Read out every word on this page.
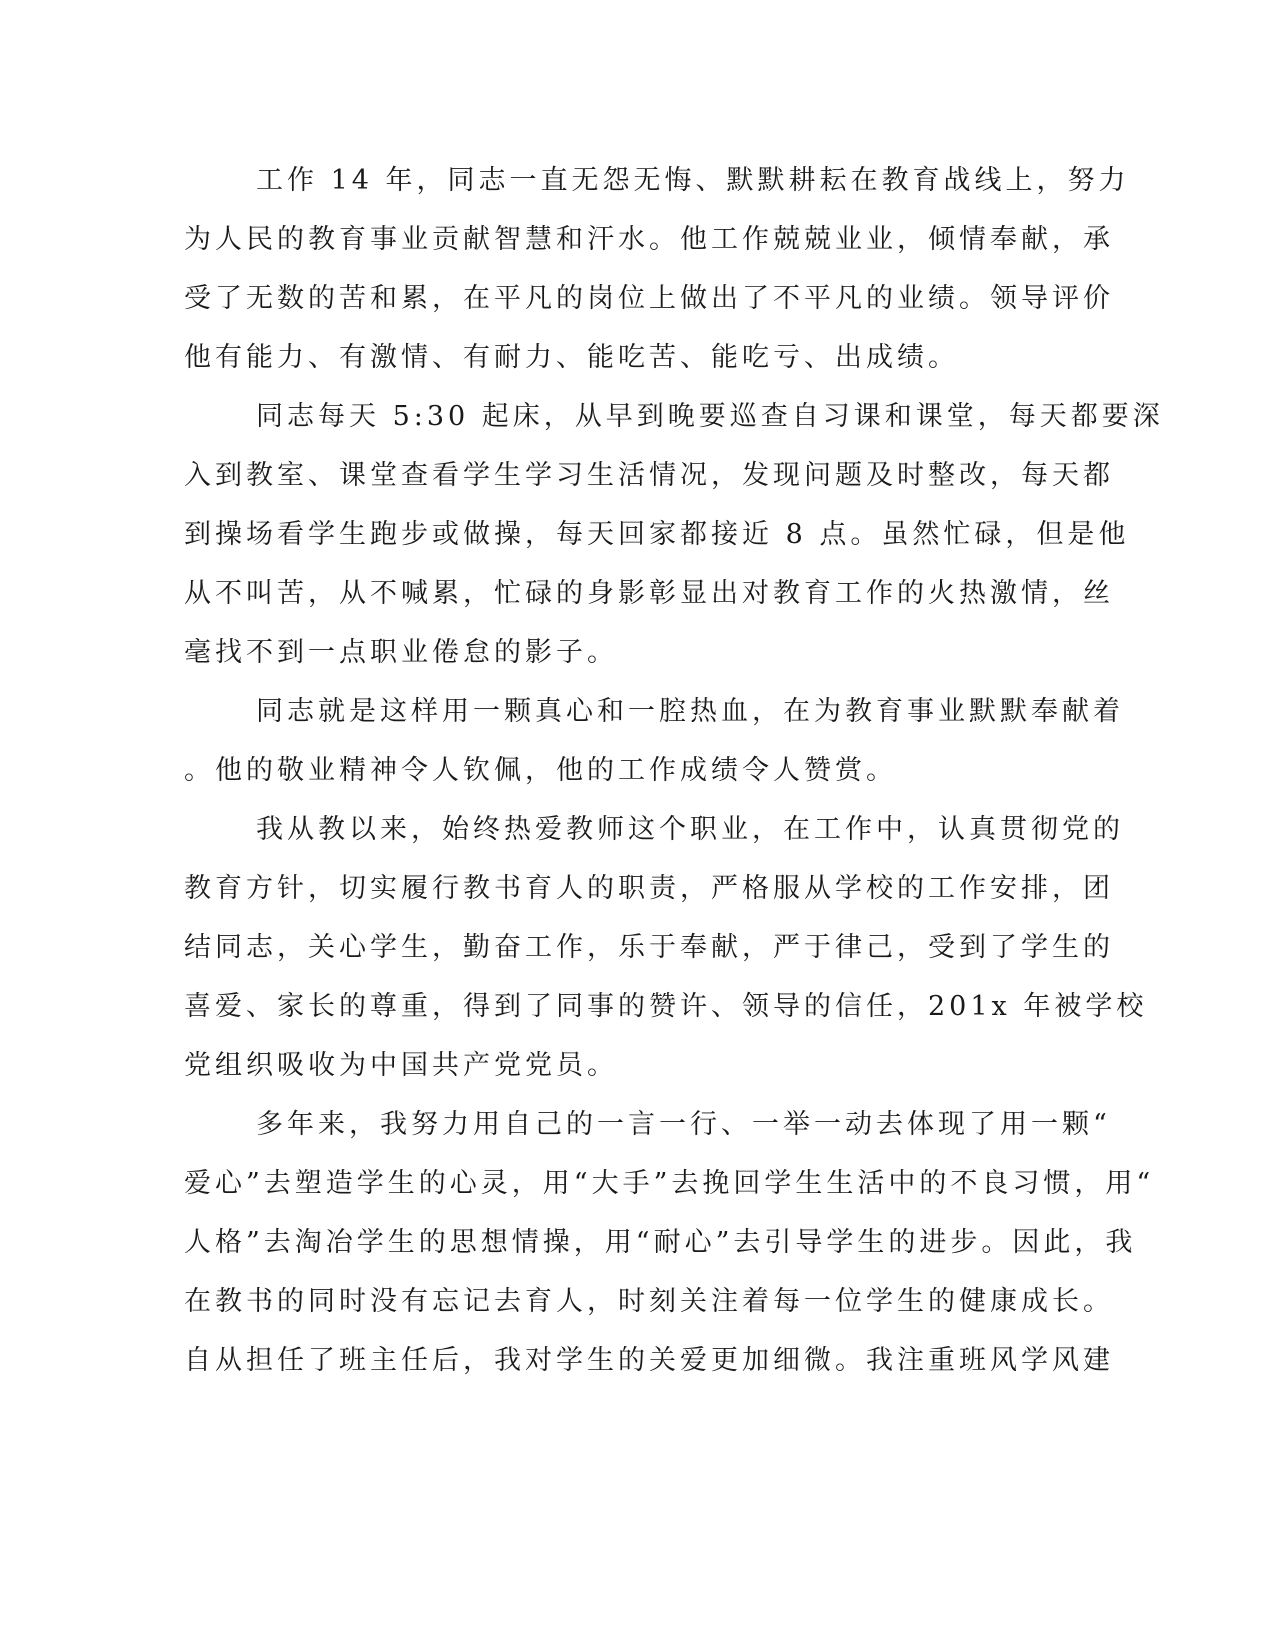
工作 14 年，同志一直无怨无悔、默默耕耘在教育战线上，努力

为人民的教育事业贡献智慧和汗水。他工作兢兢业业，倾情奉献，承

受了无数的苦和累，在平凡的岗位上做出了不平凡的业绩。领导评价

他有能力、有激情、有耐力、能吃苦、能吃亏、出成绩。

同志每天 5:30 起床，从早到晚要巡查自习课和课堂，每天都要深

入到教室、课堂查看学生学习生活情况，发现问题及时整改，每天都

到操场看学生跑步或做操，每天回家都接近 8 点。虽然忙碌，但是他

从不叫苦，从不喊累，忙碌的身影彰显出对教育工作的火热激情，丝

毫找不到一点职业倦怠的影子。

同志就是这样用一颗真心和一腔热血，在为教育事业默默奉献着

。他的敬业精神令人钦佩，他的工作成绩令人赞赏。

我从教以来，始终热爱教师这个职业，在工作中，认真贯彻党的

教育方针，切实履行教书育人的职责，严格服从学校的工作安排，团

结同志，关心学生，勤奋工作，乐于奉献，严于律己，受到了学生的

喜爱、家长的尊重，得到了同事的赞许、领导的信任，201x 年被学校

党组织吸收为中国共产党党员。

多年来，我努力用自己的一言一行、一举一动去体现了用一颗“

爱心”去塑造学生的心灵，用“大手”去挽回学生生活中的不良习惯，用“

人格”去淘冶学生的思想情操，用“耐心”去引导学生的进步。因此，我

在教书的同时没有忘记去育人，时刻关注着每一位学生的健康成长。

自从担任了班主任后，我对学生的关爱更加细微。我注重班风学风建
